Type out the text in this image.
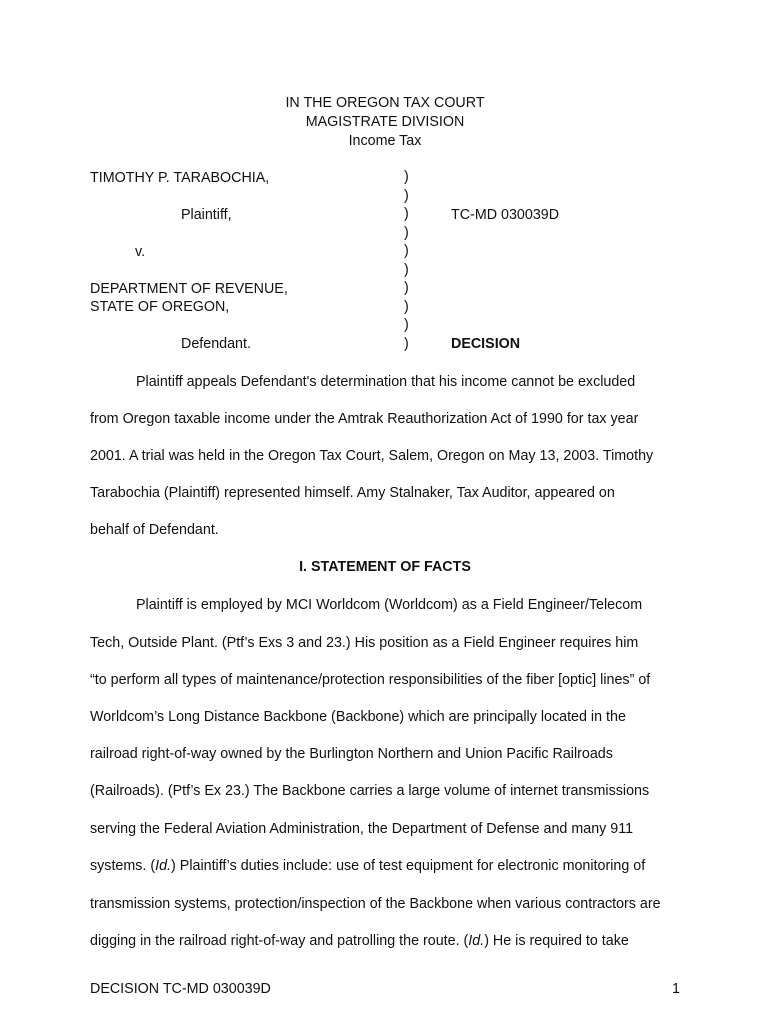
IN THE OREGON TAX COURT
MAGISTRATE DIVISION
Income Tax
TIMOTHY P. TARABOCHIA,
Plaintiff,
v.
DEPARTMENT OF REVENUE,
STATE OF OREGON,
Defendant.
)
)
)
)
)
)
)
)
)
)
TC-MD 030039D
DECISION
Plaintiff appeals Defendant's determination that his income cannot be excluded
from Oregon taxable income under the Amtrak Reauthorization Act of 1990 for tax year
2001. A trial was held in the Oregon Tax Court, Salem, Oregon on May 13, 2003. Timothy
Tarabochia (Plaintiff) represented himself. Amy Stalnaker, Tax Auditor, appeared on
behalf of Defendant.
I. STATEMENT OF FACTS
Plaintiff is employed by MCI Worldcom (Worldcom) as a Field Engineer/Telecom
Tech, Outside Plant. (Ptf’s Exs 3 and 23.) His position as a Field Engineer requires him
“to perform all types of maintenance/protection responsibilities of the fiber [optic] lines” of
Worldcom’s Long Distance Backbone (Backbone) which are principally located in the
railroad right-of-way owned by the Burlington Northern and Union Pacific Railroads
(Railroads). (Ptf’s Ex 23.) The Backbone carries a large volume of internet transmissions
serving the Federal Aviation Administration, the Department of Defense and many 911
systems. (Id.) Plaintiff’s duties include: use of test equipment for electronic monitoring of
transmission systems, protection/inspection of the Backbone when various contractors are
digging in the railroad right-of-way and patrolling the route. (Id.) He is required to take
DECISION TC-MD 030039D	1
